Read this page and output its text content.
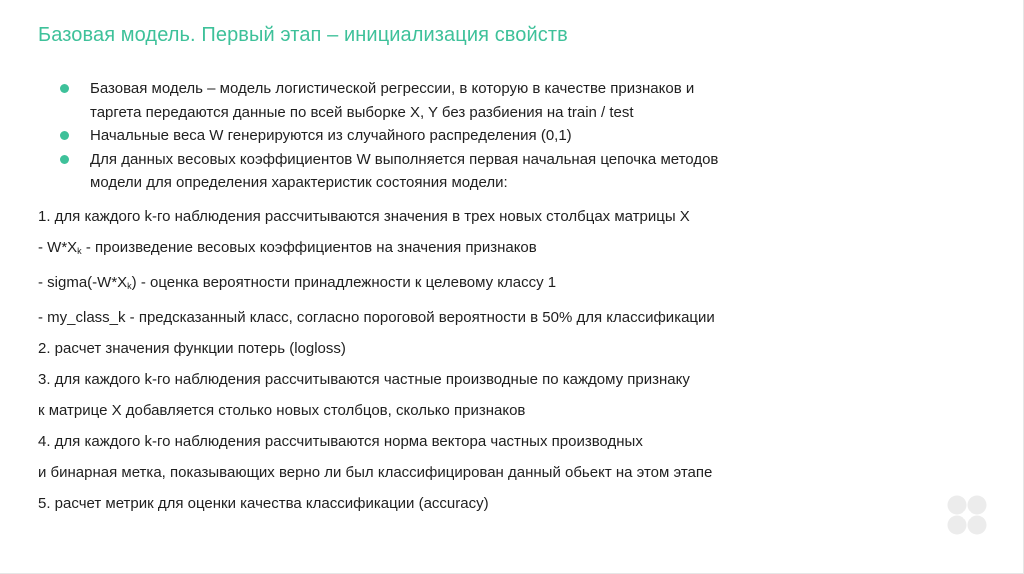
Базовая модель. Первый этап – инициализация свойств
Базовая модель – модель логистической регрессии, в которую в качестве признаков и
таргета передаются данные по всей выборке X, Y без разбиения на train / test
Начальные веса W генерируются из случайного распределения (0,1)
Для данных весовых коэффициентов W выполняется первая начальная цепочка методов
модели для определения характеристик состояния модели:
1. для каждого k-го наблюдения рассчитываются значения в трех новых столбцах матрицы X
- $W*X_k$ - произведение весовых коэффициентов на значения признаков
- $sigma(-W*X_k)$ - оценка вероятности принадлежности к целевому классу 1
- my_class_k - предсказанный класс, согласно пороговой вероятности в 50% для классификации
2. расчет значения функции потерь (logloss)
3. для каждого k-го наблюдения рассчитываются частные производные по каждому признаку
к матрице X добавляется столько новых столбцов, сколько признаков
4. для каждого k-го наблюдения рассчитываются норма вектора частных производных
и бинарная метка, показывающих верно ли был классифицирован данный обьект на этом этапе
5. расчет метрик для оценки качества классификации (accuracy)
